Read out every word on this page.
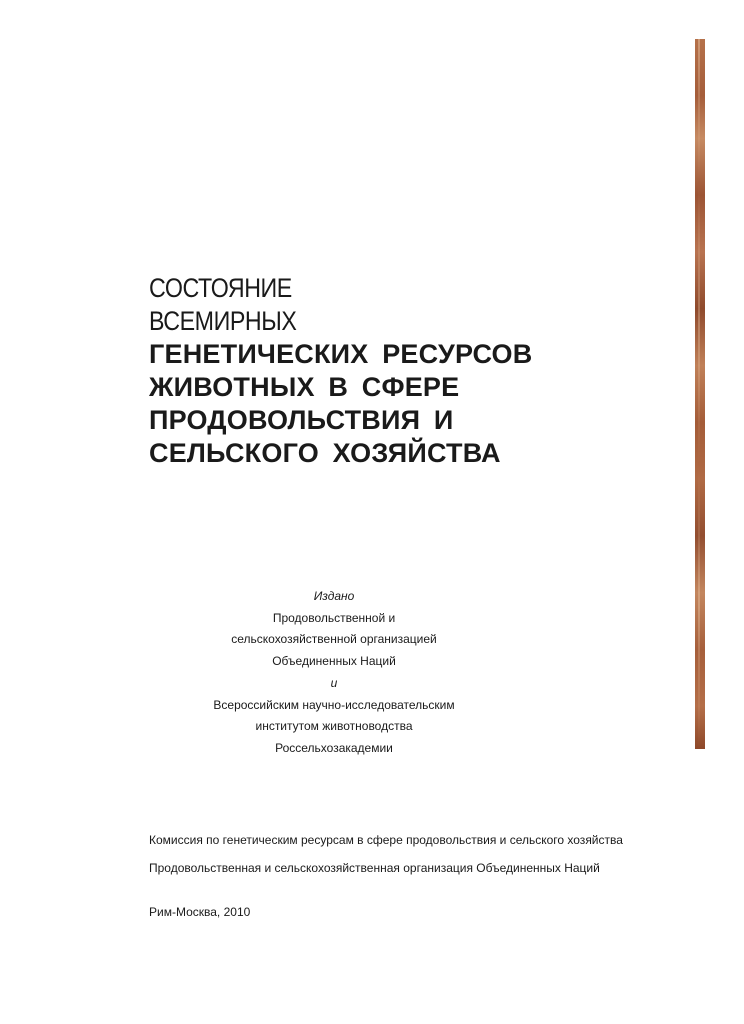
СОСТОЯНИЕ
ВСЕМИРНЫХ
ГЕНЕТИЧЕСКИХ РЕСУРСОВ
ЖИВОТНЫХ В СФЕРЕ
ПРОДОВОЛЬСТВИЯ И
СЕЛЬСКОГО ХОЗЯЙСТВА
Издано
Продовольственной и
сельскохозяйственной организацией
Объединенных Наций
и
Всероссийским научно-исследовательским
институтом животноводства
Россельхозакадемии
Комиссия по генетическим ресурсам в сфере продовольствия и сельского хозяйства
Продовольственная и сельскохозяйственная организация Объединенных Наций
Рим-Москва, 2010
